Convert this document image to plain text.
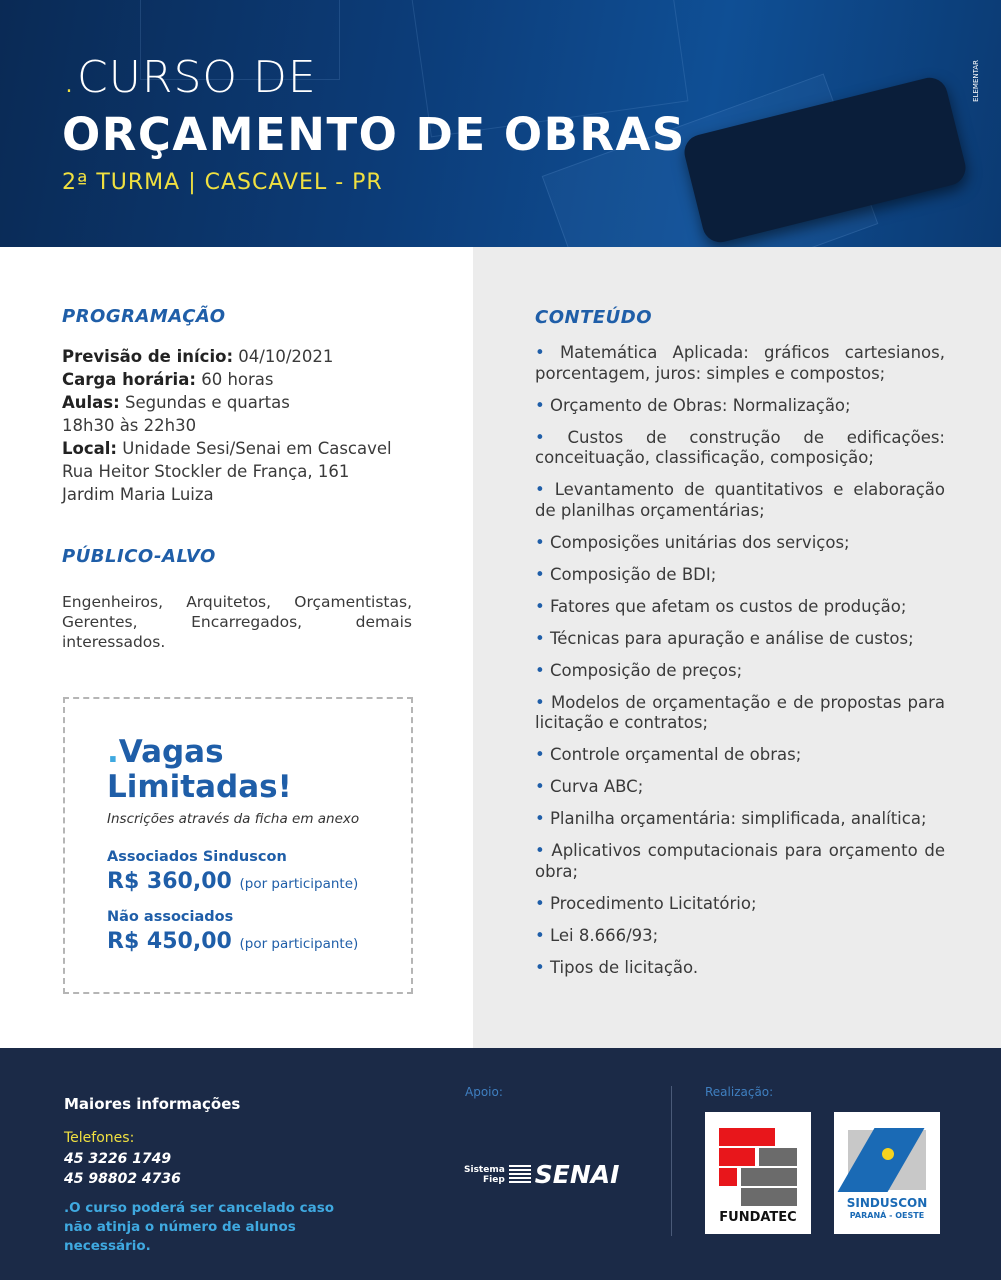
.CURSO DE
ORÇAMENTO DE OBRAS
2ª TURMA | CASCAVEL - PR
ELEMENTAR
PROGRAMAÇÃO
Previsão de início: 04/10/2021
Carga horária: 60 horas
Aulas: Segundas e quartas
18h30 às 22h30
Local: Unidade Sesi/Senai em Cascavel
Rua Heitor Stockler de França, 161
Jardim Maria Luiza
PÚBLICO-ALVO

Engenheiros, Arquitetos, Orçamentistas, Gerentes, Encarregados, demais interessados.

.Vagas
Limitadas!
Inscrições através da ficha em anexo
Associados Sinduscon
R$ 360,00 (por participante)
Não associados
R$ 450,00 (por participante)
CONTEÚDO
• Matemática Aplicada: gráficos cartesianos, porcentagem, juros: simples e compostos;
• Orçamento de Obras: Normalização;
• Custos de construção de edificações: conceituação, classificação, composição;
• Levantamento de quantitativos e elaboração de planilhas orçamentárias;
• Composições unitárias dos serviços;
• Composição de BDI;
• Fatores que afetam os custos de produção;
• Técnicas para apuração e análise de custos;
• Composição de preços;
• Modelos de orçamentação e de propostas para licitação e contratos;
• Controle orçamental de obras;
• Curva ABC;
• Planilha orçamentária: simplificada, analítica;
• Aplicativos computacionais para orçamento de obra;
• Procedimento Licitatório;
• Lei 8.666/93;
• Tipos de licitação.
Maiores informações
Telefones:
45 3226 1749
45 98802 4736
.O curso poderá ser cancelado caso não atinja o número de alunos necessário.
Apoio:	Realização:
Sistema
Fiep SENAI
FUNDATEC
SINDUSCON
PARANÁ - OESTE
